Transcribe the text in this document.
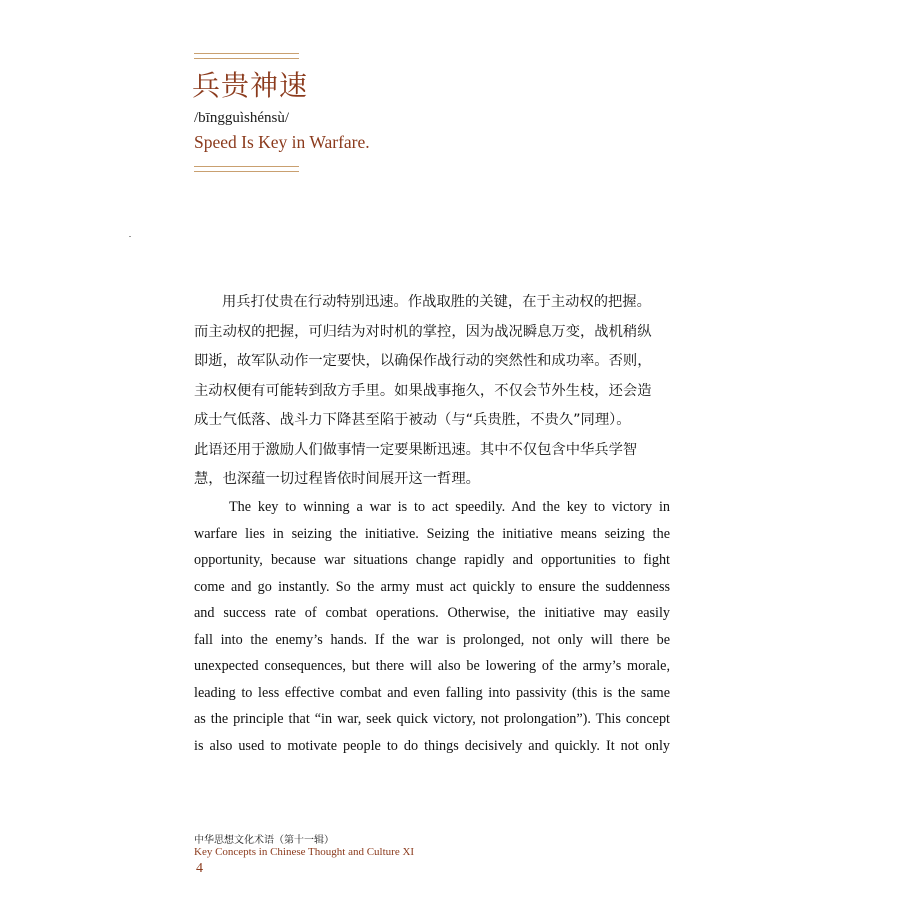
兵贵神速
/bīngguìshénsù/
Speed Is Key in Warfare.
用兵打仗贵在行动特别迅速。作战取胜的关键，在于主动权的把握。
而主动权的把握，可归结为对时机的掌控，因为战况瞬息万变，战机稍纵
即逝，故军队动作一定要快，以确保作战行动的突然性和成功率。否则，
主动权便有可能转到敌方手里。如果战事拖久，不仅会节外生枝，还会造
成士气低落、战斗力下降甚至陷于被动（与“兵贵胜，不贵久”同理）。
此语还用于激励人们做事情一定要果断迅速。其中不仅包含中华兵学智
慧，也深蕴一切过程皆依时间展开这一哲理。
The key to winning a war is to act speedily. And the key to victory in
warfare lies in seizing the initiative. Seizing the initiative means seizing the
opportunity, because war situations change rapidly and opportunities to fight
come and go instantly. So the army must act quickly to ensure the suddenness
and success rate of combat operations. Otherwise, the initiative may easily
fall into the enemy’s hands. If the war is prolonged, not only will there be
unexpected consequences, but there will also be lowering of the army’s morale,
leading to less effective combat and even falling into passivity (this is the same
as the principle that “in war, seek quick victory, not prolongation”). This concept
is also used to motivate people to do things decisively and quickly. It not only
中华思想文化术语（第十一辑）
Key Concepts in Chinese Thought and Culture XI
4
